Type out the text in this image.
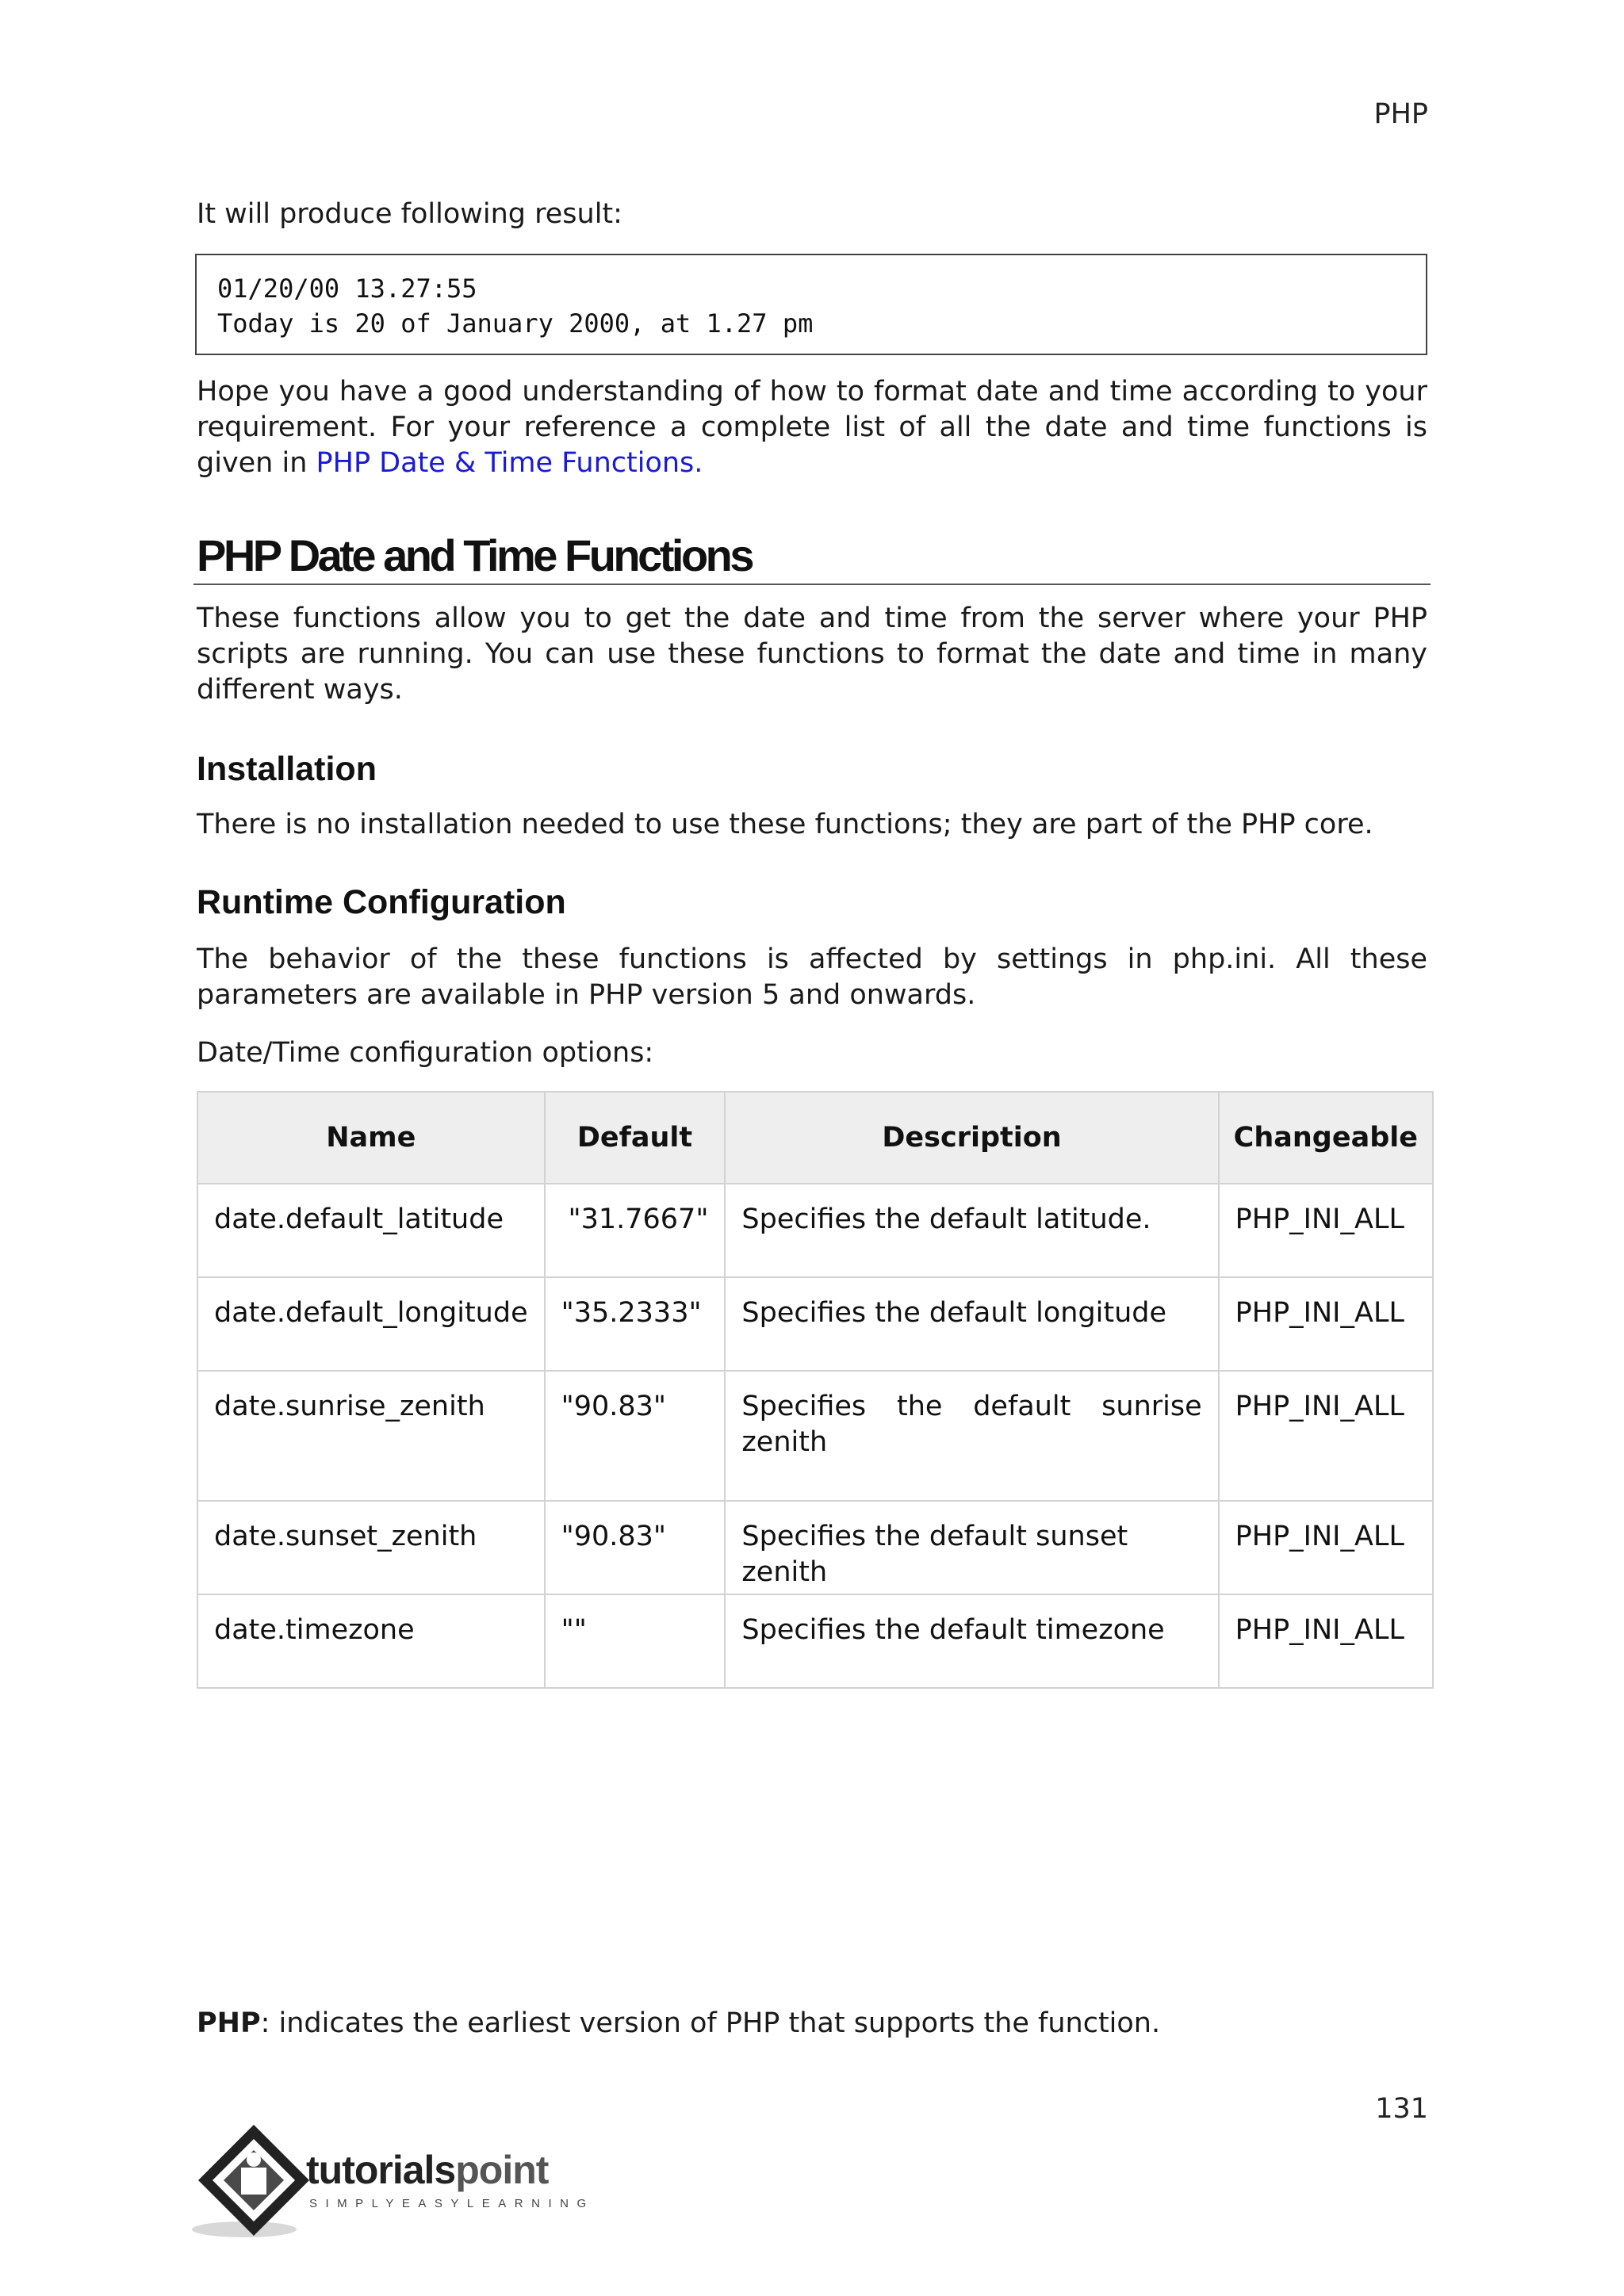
PHP
It will produce following result:
01/20/00 13.27:55
Today is 20 of January 2000, at 1.27 pm
Hope you have a good understanding of how to format date and time according to your requirement. For your reference a complete list of all the date and time functions is given in PHP Date & Time Functions.
PHP Date and Time Functions
These functions allow you to get the date and time from the server where your PHP scripts are running. You can use these functions to format the date and time in many different ways.
Installation
There is no installation needed to use these functions; they are part of the PHP core.
Runtime Configuration
The behavior of the these functions is affected by settings in php.ini. All these parameters are available in PHP version 5 and onwards.
Date/Time configuration options:
Name	Default	Description	Changeable
date.default_latitude	"31.7667"	Specifies the default latitude.	PHP_INI_ALL
date.default_longitude	"35.2333"	Specifies the default longitude	PHP_INI_ALL
date.sunrise_zenith	"90.83"	Specifies the default sunrise zenith	PHP_INI_ALL
date.sunset_zenith	"90.83"	Specifies the default sunset zenith	PHP_INI_ALL
date.timezone	""	Specifies the default timezone	PHP_INI_ALL
PHP: indicates the earliest version of PHP that supports the function.
131
tutorialspoint
SIMPLYEASYLEARNING
